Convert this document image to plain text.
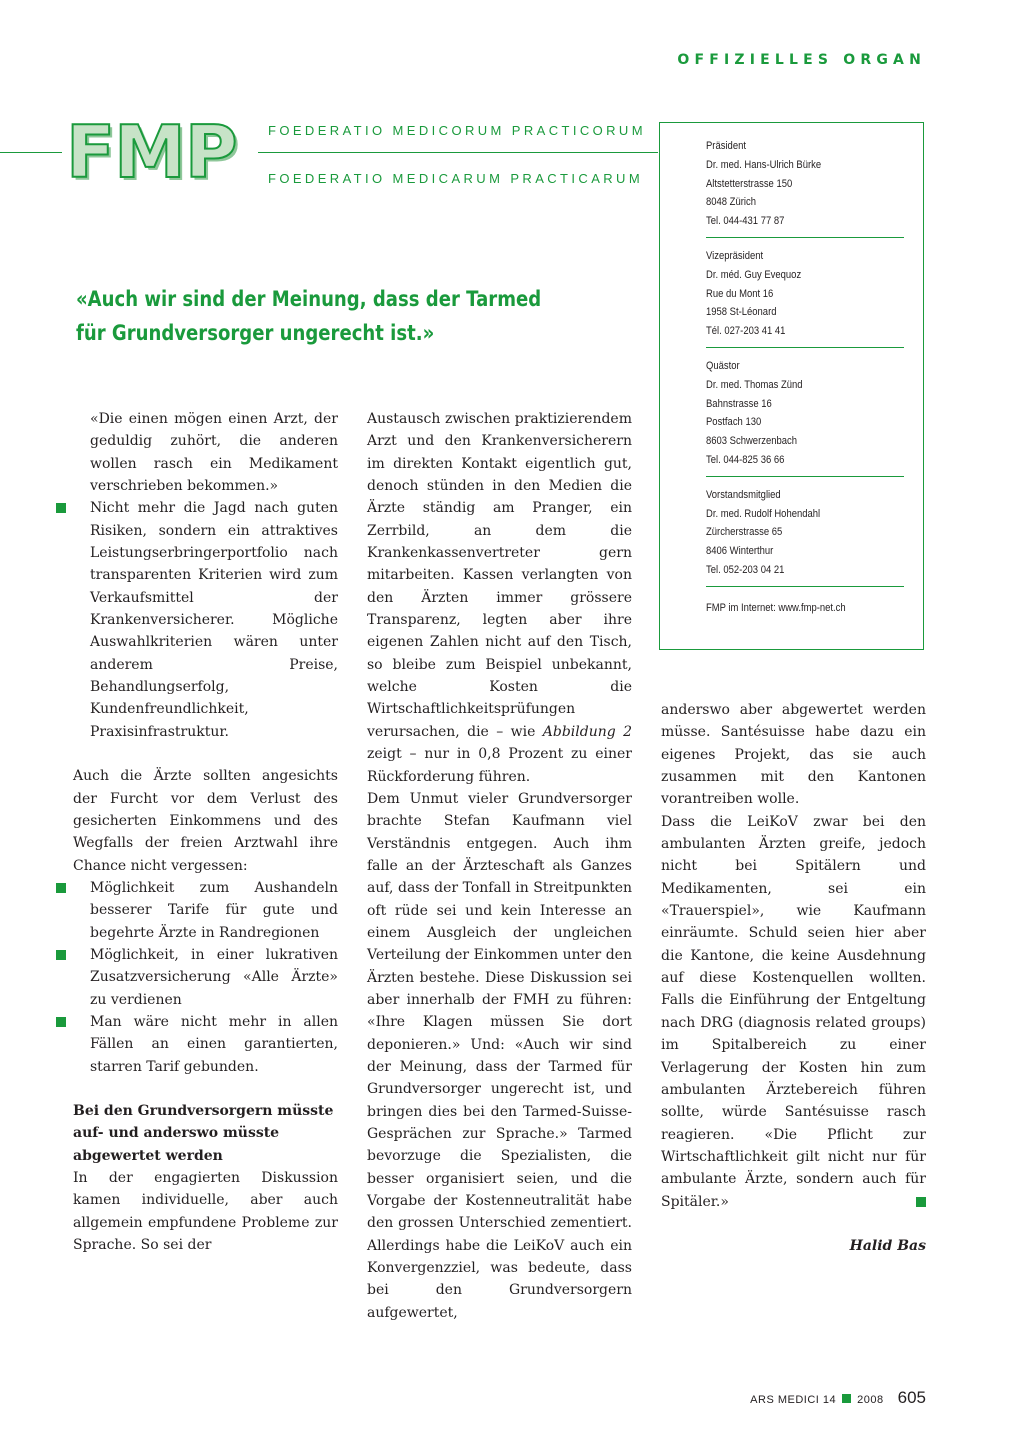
OFFIZIELLES ORGAN
FMP FOEDERATIO MEDICORUM PRACTICORUM
FOEDERATIO MEDICARUM PRACTICARUM
Präsident
Dr. med. Hans-Ulrich Bürke
Altstetterstrasse 150
8048 Zürich
Tel. 044-431 77 87
Vizepräsident
Dr. méd. Guy Evequoz
Rue du Mont 16
1958 St-Léonard
Tél. 027-203 41 41
Quästor
Dr. med. Thomas Zünd
Bahnstrasse 16
Postfach 130
8603 Schwerzenbach
Tel. 044-825 36 66
Vorstandsmitglied
Dr. med. Rudolf Hohendahl
Zürcherstrasse 65
8406 Winterthur
Tel. 052-203 04 21
FMP im Internet: www.fmp-net.ch
«Auch wir sind der Meinung, dass der Tarmed für Grundversorger ungerecht ist.»

«Die einen mögen einen Arzt, der geduldig zuhört, die anderen wollen rasch ein Medikament verschrieben bekommen.»

Nicht mehr die Jagd nach guten Risiken, sondern ein attraktives Leistungserbringerportfolio nach transparenten Kriterien wird zum Verkaufsmittel der Krankenversicherer. Mögliche Auswahlkriterien wären unter anderem Preise, Behandlungserfolg, Kundenfreundlichkeit, Praxisinfrastruktur.

Auch die Ärzte sollten angesichts der Furcht vor dem Verlust des gesicherten Einkommens und des Wegfalls der freien Arztwahl ihre Chance nicht vergessen:

Möglichkeit zum Aushandeln besserer Tarife für gute und begehrte Ärzte in Randregionen

Möglichkeit, in einer lukrativen Zusatzversicherung «Alle Ärzte» zu verdienen

Man wäre nicht mehr in allen Fällen an einen garantierten, starren Tarif gebunden.

Bei den Grundversorgern müsste auf- und anderswo müsste abgewertet werden

In der engagierten Diskussion kamen individuelle, aber auch allgemein empfundene Probleme zur Sprache. So sei der

Austausch zwischen praktizierendem Arzt und den Krankenversicherern im direkten Kontakt eigentlich gut, denoch stünden in den Medien die Ärzte ständig am Pranger, ein Zerrbild, an dem die Krankenkassenvertreter gern mitarbeiten. Kassen verlangten von den Ärzten immer grössere Transparenz, legten aber ihre eigenen Zahlen nicht auf den Tisch, so bleibe zum Beispiel unbekannt, welche Kosten die Wirtschaftlichkeitsprüfungen verursachen, die – wie Abbildung 2 zeigt – nur in 0,8 Prozent zu einer Rückforderung führen.

Dem Unmut vieler Grundversorger brachte Stefan Kaufmann viel Verständnis entgegen. Auch ihm falle an der Ärzteschaft als Ganzes auf, dass der Tonfall in Streitpunkten oft rüde sei und kein Interesse an einem Ausgleich der ungleichen Verteilung der Einkommen unter den Ärzten bestehe. Diese Diskussion sei aber innerhalb der FMH zu führen: «Ihre Klagen müssen Sie dort deponieren.» Und: «Auch wir sind der Meinung, dass der Tarmed für Grundversorger ungerecht ist, und bringen dies bei den Tarmed-Suisse-Gesprächen zur Sprache.» Tarmed bevorzuge die Spezialisten, die besser organisiert seien, und die Vorgabe der Kostenneutralität habe den grossen Unterschied zementiert. Allerdings habe die LeiKoV auch ein Konvergenzziel, was bedeute, dass bei den Grundversorgern aufgewertet,

anderswo aber abgewertet werden müsse. Santésuisse habe dazu ein eigenes Projekt, das sie auch zusammen mit den Kantonen vorantreiben wolle.

Dass die LeiKoV zwar bei den ambulanten Ärzten greife, jedoch nicht bei Spitälern und Medikamenten, sei ein «Trauerspiel», wie Kaufmann einräumte. Schuld seien hier aber die Kantone, die keine Ausdehnung auf diese Kostenquellen wollten. Falls die Einführung der Entgeltung nach DRG (diagnosis related groups) im Spitalbereich zu einer Verlagerung der Kosten hin zum ambulanten Ärztebereich führen sollte, würde Santésuisse rasch reagieren. «Die Pflicht zur Wirtschaftlichkeit gilt nicht nur für ambulante Ärzte, sondern auch für Spitäler.»

Halid Bas
ARS MEDICI 14 2008 605
